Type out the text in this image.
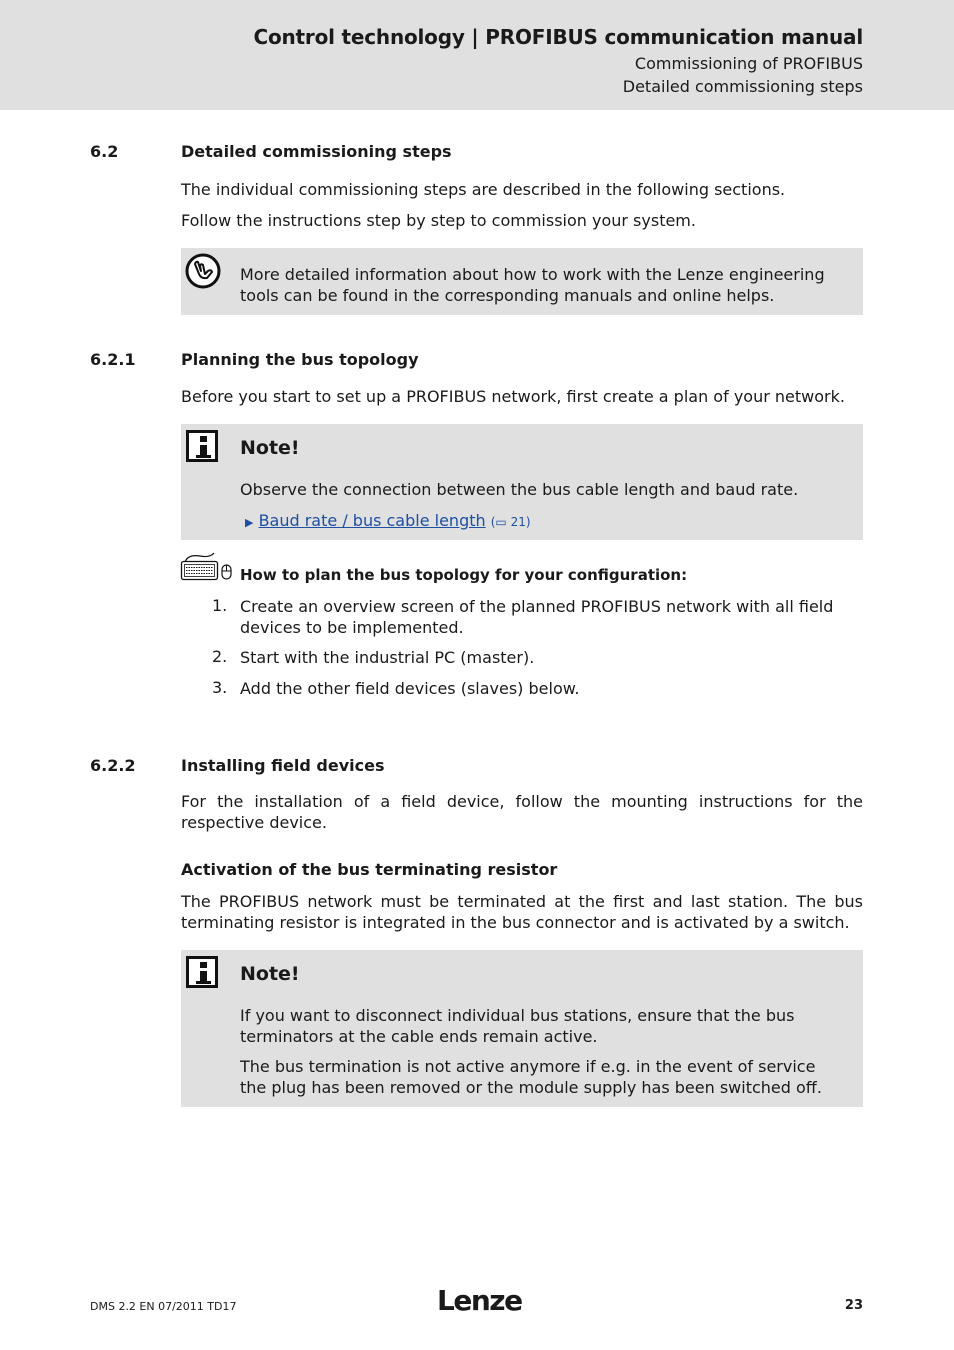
Control technology | PROFIBUS communication manual
Commissioning of PROFIBUS
Detailed commissioning steps
6.2	Detailed commissioning steps
The individual commissioning steps are described in the following sections.
Follow the instructions step by step to commission your system.
More detailed information about how to work with the Lenze engineering tools can be found in the corresponding manuals and online helps.
6.2.1	Planning the bus topology
Before you start to set up a PROFIBUS network, first create a plan of your network.
Note!
Observe the connection between the bus cable length and baud rate.
▶ Baud rate / bus cable length (▭ 21)
How to plan the bus topology for your configuration:
1. Create an overview screen of the planned PROFIBUS network with all field devices to be implemented.
2. Start with the industrial PC (master).
3. Add the other field devices (slaves) below.
6.2.2	Installing field devices
For the installation of a field device, follow the mounting instructions for the respective device.
Activation of the bus terminating resistor
The PROFIBUS network must be terminated at the first and last station. The bus terminating resistor is integrated in the bus connector and is activated by a switch.
Note!
If you want to disconnect individual bus stations, ensure that the bus terminators at the cable ends remain active.
The bus termination is not active anymore if e.g. in the event of service the plug has been removed or the module supply has been switched off.
DMS 2.2 EN 07/2011 TD17	Lenze	23
